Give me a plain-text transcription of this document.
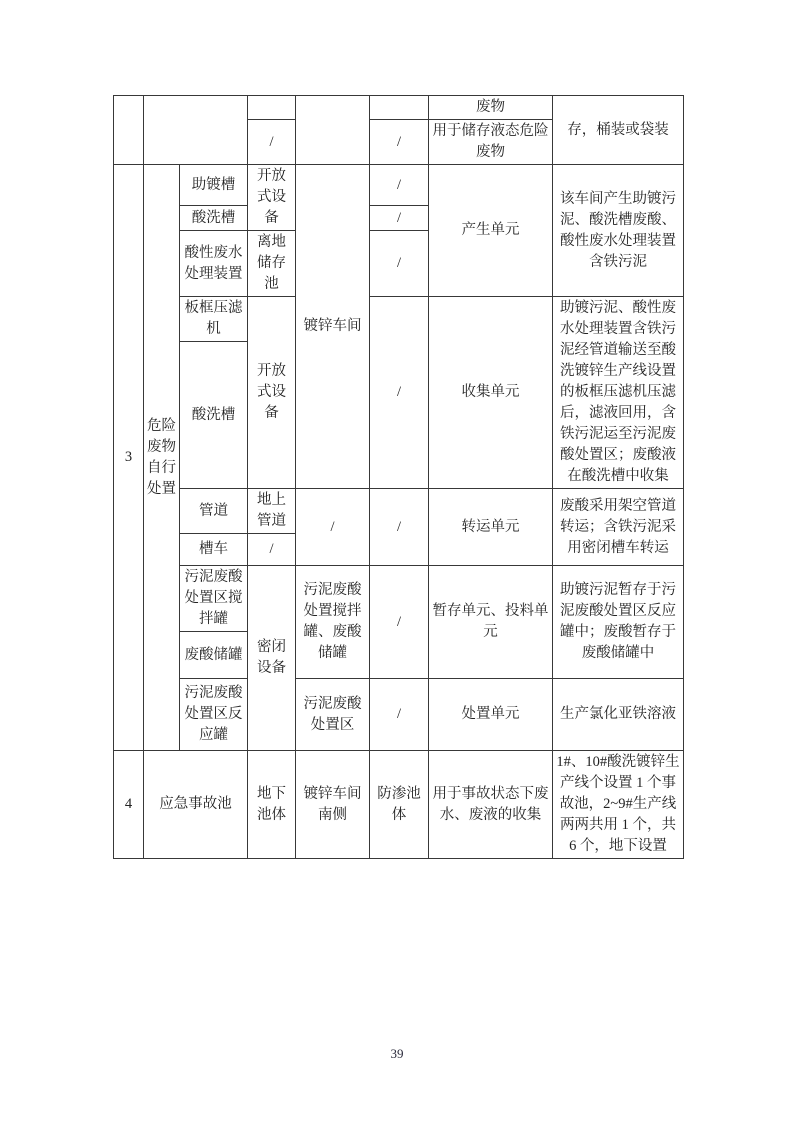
						废物	存，桶装或袋装
			/		/	用于储存液态危险废物	
3	危险废物自行处置	助镀槽	开放式设备	镀锌车间	/	产生单元	该车间产生助镀污泥、酸洗槽废酸、酸性废水处理装置含铁污泥
		酸洗槽			/		
		酸性废水处理装置	离地储存池		/		
		板框压滤机	开放式设备		/	收集单元	助镀污泥、酸性废水处理装置含铁污泥经管道输送至酸洗镀锌生产线设置的板框压滤机压滤后，滤液回用，含铁污泥运至污泥废酸处置区；废酸液在酸洗槽中收集
		酸洗槽					
		管道	地上管道	/	/	转运单元	废酸采用架空管道转运；含铁污泥采用密闭槽车转运
		槽车	/				
		污泥废酸处置区搅拌罐	密闭设备	污泥废酸处置搅拌罐、废酸储罐	/	暂存单元、投料单元	助镀污泥暂存于污泥废酸处置区反应罐中；废酸暂存于废酸储罐中
		废酸储罐					
		污泥废酸处置区反应罐		污泥废酸处置区	/	处置单元	生产氯化亚铁溶液
4	应急事故池		地下池体	镀锌车间南侧	防渗池体	用于事故状态下废水、废液的收集	1#、10#酸洗镀锌生产线个设置 1 个事故池，2~9#生产线两两共用 1 个，共 6 个，地下设置
39
